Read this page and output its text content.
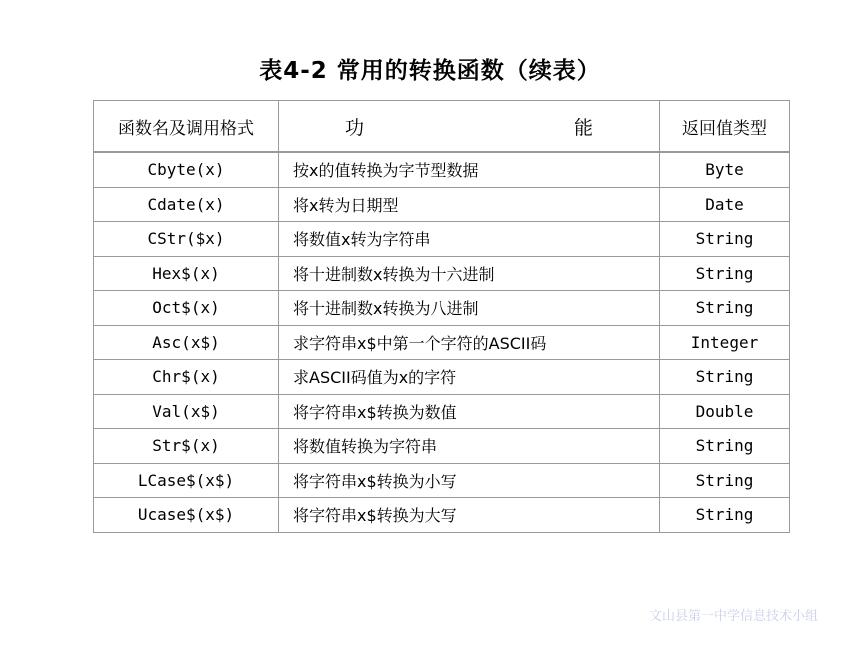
表4-2 常用的转换函数（续表）
函数名及调用格式	功 能	返回值类型
Cbyte(x)	按x的值转换为字节型数据	Byte
Cdate(x)	将x转为日期型	Date
CStr($x)	将数值x转为字符串	String
Hex$(x)	将十进制数x转换为十六进制	String
Oct$(x)	将十进制数x转换为八进制	String
Asc(x$)	求字符串x$中第一个字符的ASCII码	Integer
Chr$(x)	求ASCII码值为x的字符	String
Val(x$)	将字符串x$转换为数值	Double
Str$(x)	将数值转换为字符串	String
LCase$(x$)	将字符串x$转换为小写	String
Ucase$(x$)	将字符串x$转换为大写	String
文山县第一中学信息技术小组
